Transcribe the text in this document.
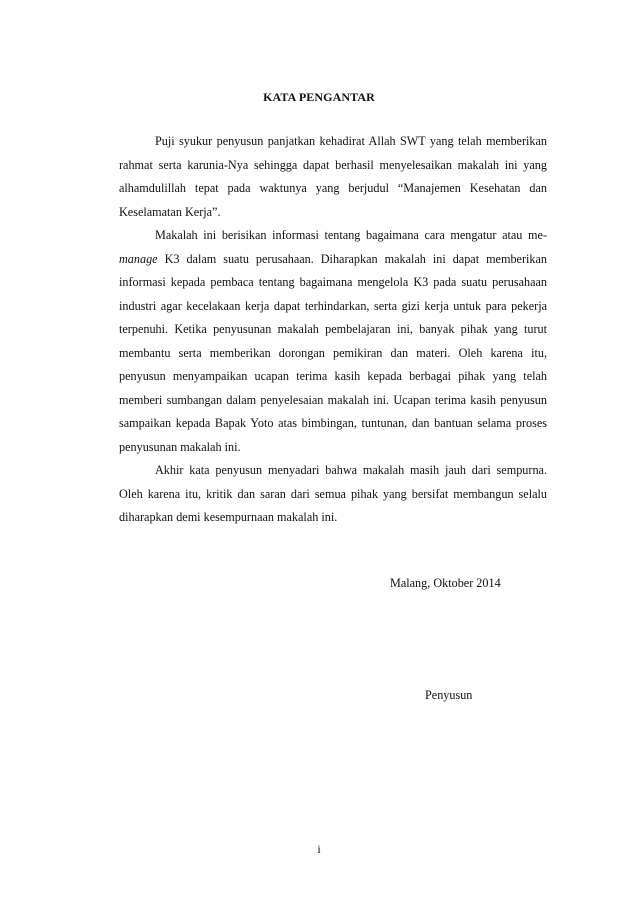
KATA PENGANTAR

Puji syukur penyusun panjatkan kehadirat Allah SWT yang telah memberikan rahmat serta karunia-Nya sehingga dapat berhasil menyelesaikan makalah ini yang alhamdulillah tepat pada waktunya yang berjudul “Manajemen Kesehatan dan Keselamatan Kerja”.

Makalah ini berisikan informasi tentang bagaimana cara mengatur atau me-manage K3 dalam suatu perusahaan. Diharapkan makalah ini dapat memberikan informasi kepada pembaca tentang bagaimana mengelola K3 pada suatu perusahaan industri agar kecelakaan kerja dapat terhindarkan, serta gizi kerja untuk para pekerja terpenuhi. Ketika penyusunan makalah pembelajaran ini, banyak pihak yang turut membantu serta memberikan dorongan pemikiran dan materi. Oleh karena itu, penyusun menyampaikan ucapan terima kasih kepada berbagai pihak yang telah memberi sumbangan dalam penyelesaian makalah ini. Ucapan terima kasih penyusun sampaikan kepada Bapak Yoto atas bimbingan, tuntunan, dan bantuan selama proses penyusunan makalah ini.

Akhir kata penyusun menyadari bahwa makalah masih jauh dari sempurna. Oleh karena itu, kritik dan saran dari semua pihak yang bersifat membangun selalu diharapkan demi kesempurnaan makalah ini.

Malang, Oktober 2014
Penyusun
i
